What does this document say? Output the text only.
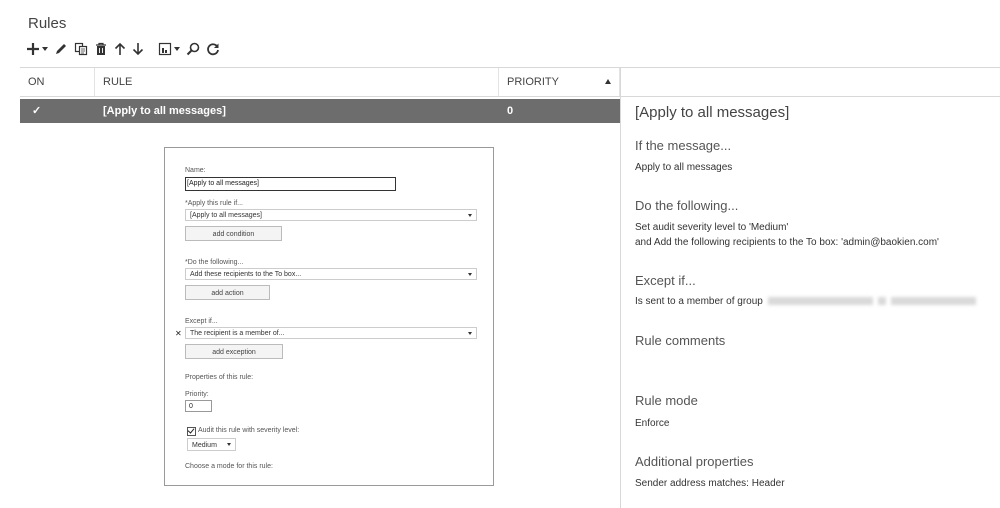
Rules
ON	RULE	PRIORITY
✓	[Apply to all messages]	0
Name:
[Apply to all messages]
*Apply this rule if...
[Apply to all messages]
add condition
*Do the following...
Add these recipients to the To box...
add action
Except if...
✕	The recipient is a member of...
add exception
Properties of this rule:
Priority:
0
Audit this rule with severity level:
Medium
Choose a mode for this rule:
[Apply to all messages]
If the message...
Apply to all messages
Do the following...
Set audit severity level to 'Medium'
and Add the following recipients to the To box: 'admin@baokien.com'
Except if...
Is sent to a member of group
Rule comments
Rule mode
Enforce
Additional properties
Sender address matches: Header
